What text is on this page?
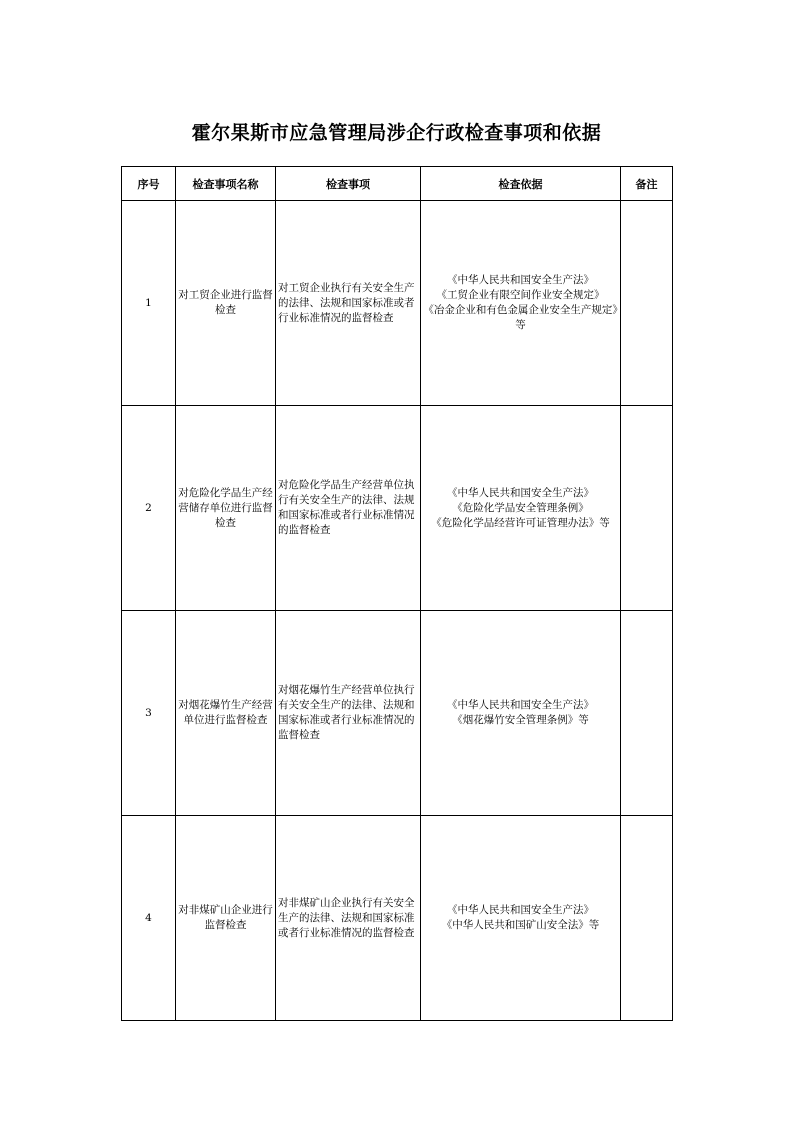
霍尔果斯市应急管理局涉企行政检查事项和依据
序号	检查事项名称	检查事项	检查依据	备注
1	对工贸企业进行监督检查	对工贸企业执行有关安全生产的法律、法规和国家标准或者行业标准情况的监督检查	《中华人民共和国安全生产法》
《工贸企业有限空间作业安全规定》
《冶金企业和有色金属企业安全生产规定》等	

2	对危险化学品生产经营储存单位进行监督检查	对危险化学品生产经营单位执行有关安全生产的法律、法规和国家标准或者行业标准情况的监督检查	《中华人民共和国安全生产法》
《危险化学品安全管理条例》
《危险化学品经营许可证管理办法》等	

3	对烟花爆竹生产经营单位进行监督检查	对烟花爆竹生产经营单位执行有关安全生产的法律、法规和国家标准或者行业标准情况的监督检查	《中华人民共和国安全生产法》
《烟花爆竹安全管理条例》等	

4	对非煤矿山企业进行监督检查	对非煤矿山企业执行有关安全生产的法律、法规和国家标准或者行业标准情况的监督检查	《中华人民共和国安全生产法》
《中华人民共和国矿山安全法》等	
